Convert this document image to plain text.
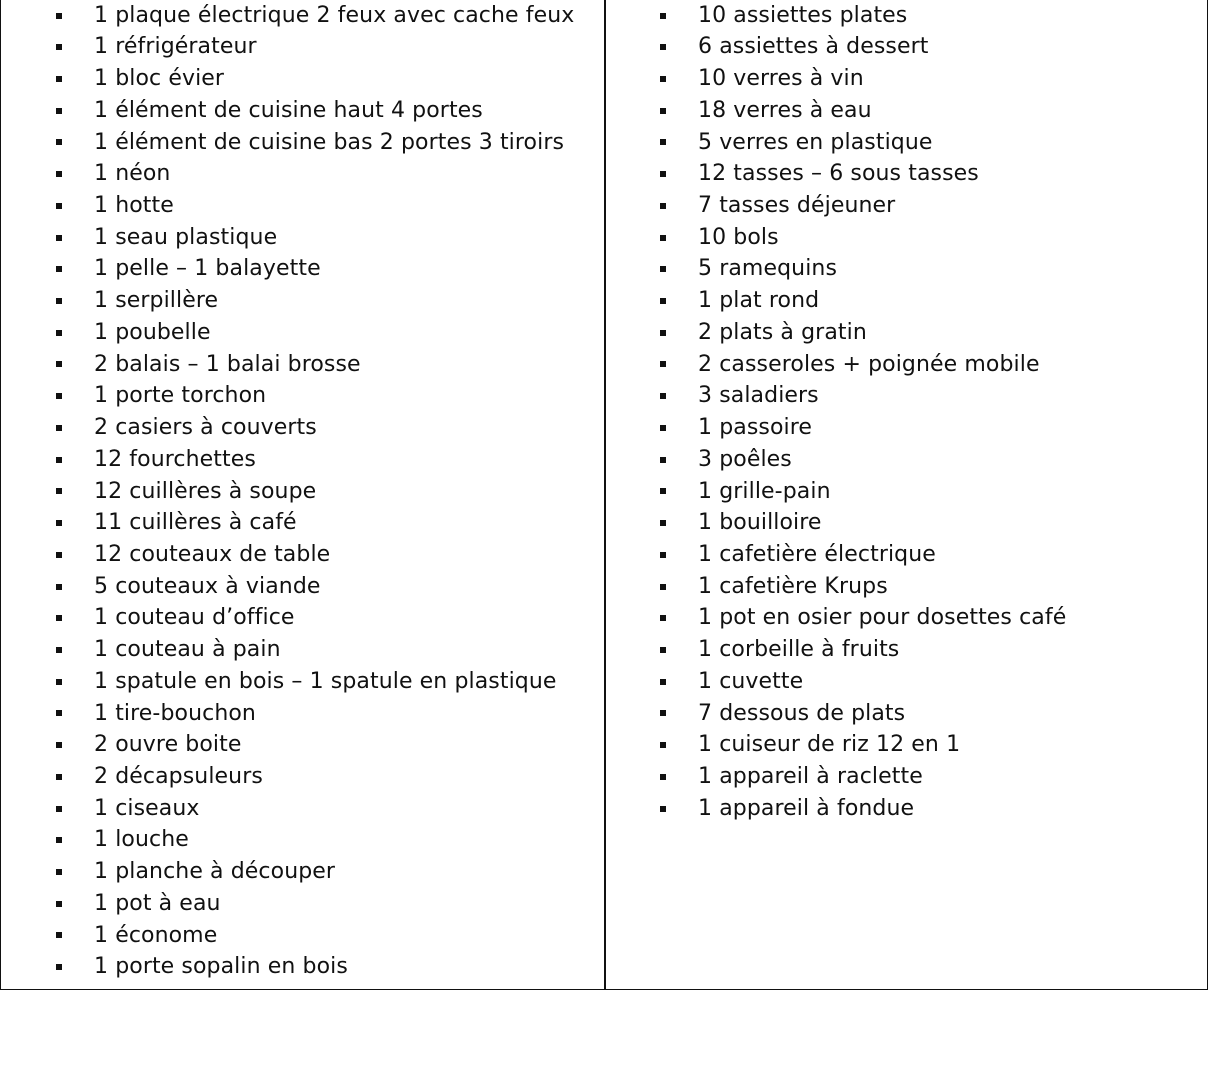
1 plaque électrique 2 feux avec cache feux
1 réfrigérateur
1 bloc évier
1 élément de cuisine haut 4 portes
1 élément de cuisine bas 2 portes 3 tiroirs
1 néon
1 hotte
1 seau plastique
1 pelle – 1 balayette
1 serpillère
1 poubelle
2 balais – 1 balai brosse
1 porte torchon
2 casiers à couverts
12 fourchettes
12 cuillères à soupe
11 cuillères à café
12 couteaux de table
5 couteaux à viande
1 couteau d’office
1 couteau à pain
1 spatule en bois – 1 spatule en plastique
1 tire-bouchon
2 ouvre boite
2 décapsuleurs
1 ciseaux
1 louche
1 planche à découper
1 pot à eau
1 économe
1 porte sopalin en bois
10 assiettes plates
6 assiettes à dessert
10 verres à vin
18 verres à eau
5 verres en plastique
12 tasses – 6 sous tasses
7 tasses déjeuner
10 bols
5 ramequins
1 plat rond
2 plats à gratin
2 casseroles + poignée mobile
3 saladiers
1 passoire
3 poêles
1 grille-pain
1 bouilloire
1 cafetière électrique
1 cafetière Krups
1 pot en osier pour dosettes café
1 corbeille à fruits
1 cuvette
7 dessous de plats
1 cuiseur de riz 12 en 1
1 appareil à raclette
1 appareil à fondue
